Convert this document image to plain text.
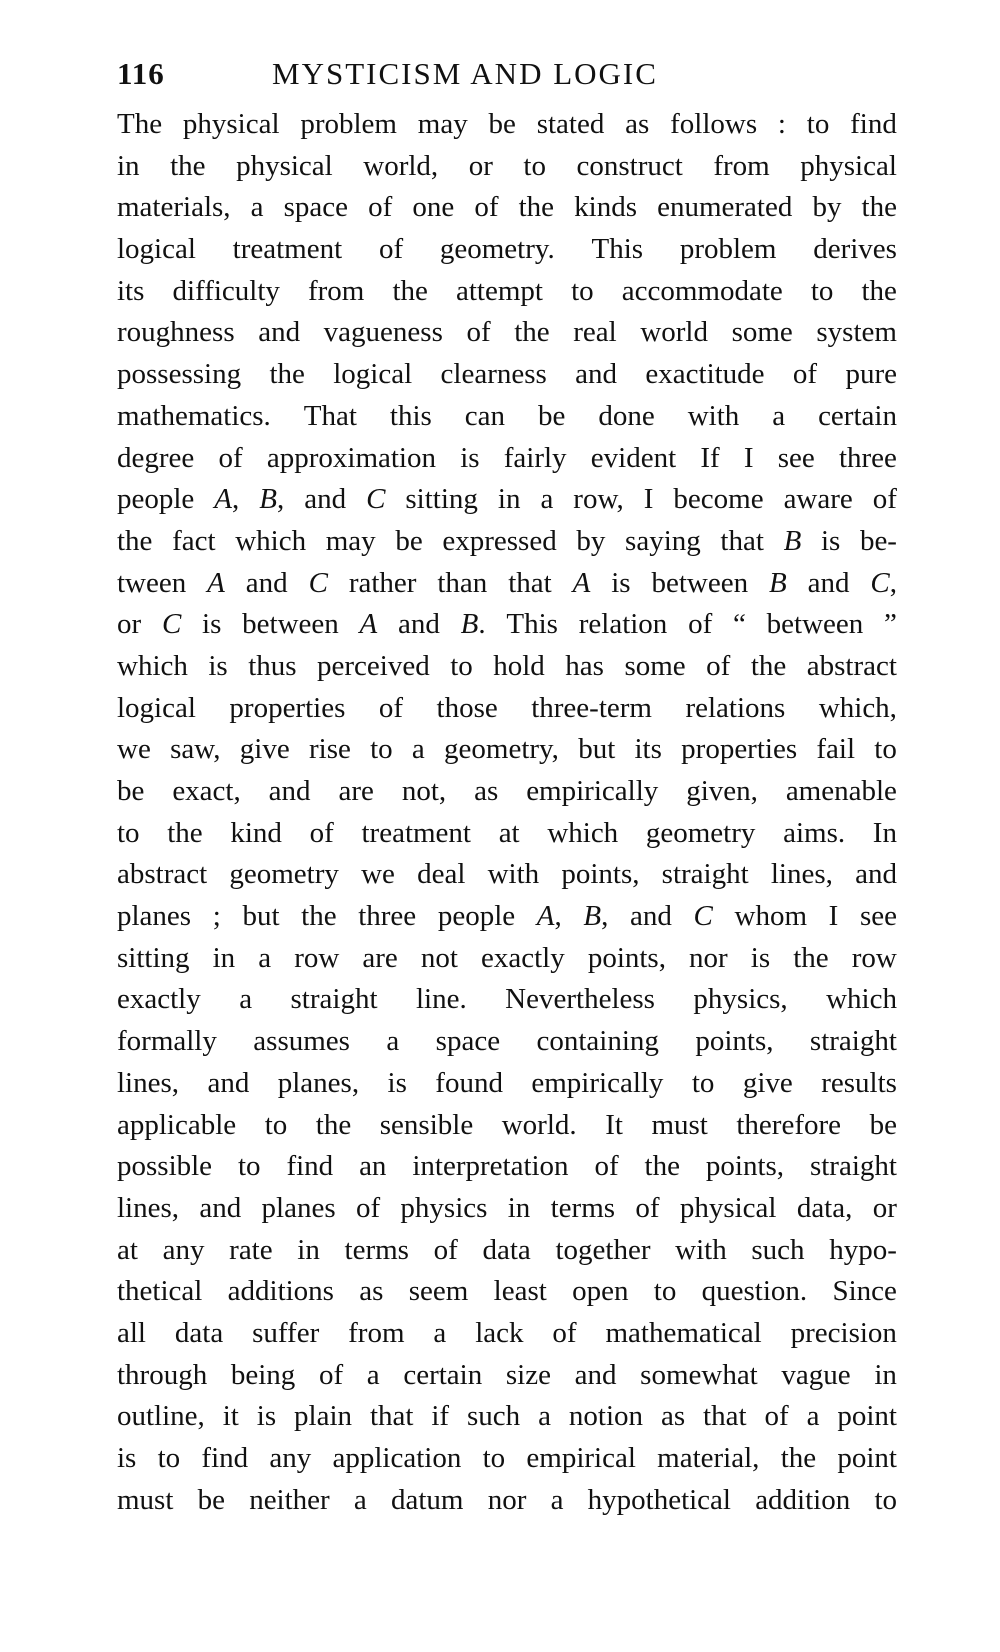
116	MYSTICISM AND LOGIC
The physical problem may be stated as follows : to find
in the physical world, or to construct from physical
materials, a space of one of the kinds enumerated by the
logical treatment of geometry. This problem derives
its difficulty from the attempt to accommodate to the
roughness and vagueness of the real world some system
possessing the logical clearness and exactitude of pure
mathematics. That this can be done with a certain
degree of approximation is fairly evident If I see three
people A, B, and C sitting in a row, I become aware of
the fact which may be expressed by saying that B is be-
tween A and C rather than that A is between B and C,
or C is between A and B. This relation of “ between ”
which is thus perceived to hold has some of the abstract
logical properties of those three-term relations which,
we saw, give rise to a geometry, but its properties fail to
be exact, and are not, as empirically given, amenable
to the kind of treatment at which geometry aims. In
abstract geometry we deal with points, straight lines, and
planes ; but the three people A, B, and C whom I see
sitting in a row are not exactly points, nor is the row
exactly a straight line. Nevertheless physics, which
formally assumes a space containing points, straight
lines, and planes, is found empirically to give results
applicable to the sensible world. It must therefore be
possible to find an interpretation of the points, straight
lines, and planes of physics in terms of physical data, or
at any rate in terms of data together with such hypo-
thetical additions as seem least open to question. Since
all data suffer from a lack of mathematical precision
through being of a certain size and somewhat vague in
outline, it is plain that if such a notion as that of a point
is to find any application to empirical material, the point
must be neither a datum nor a hypothetical addition to
